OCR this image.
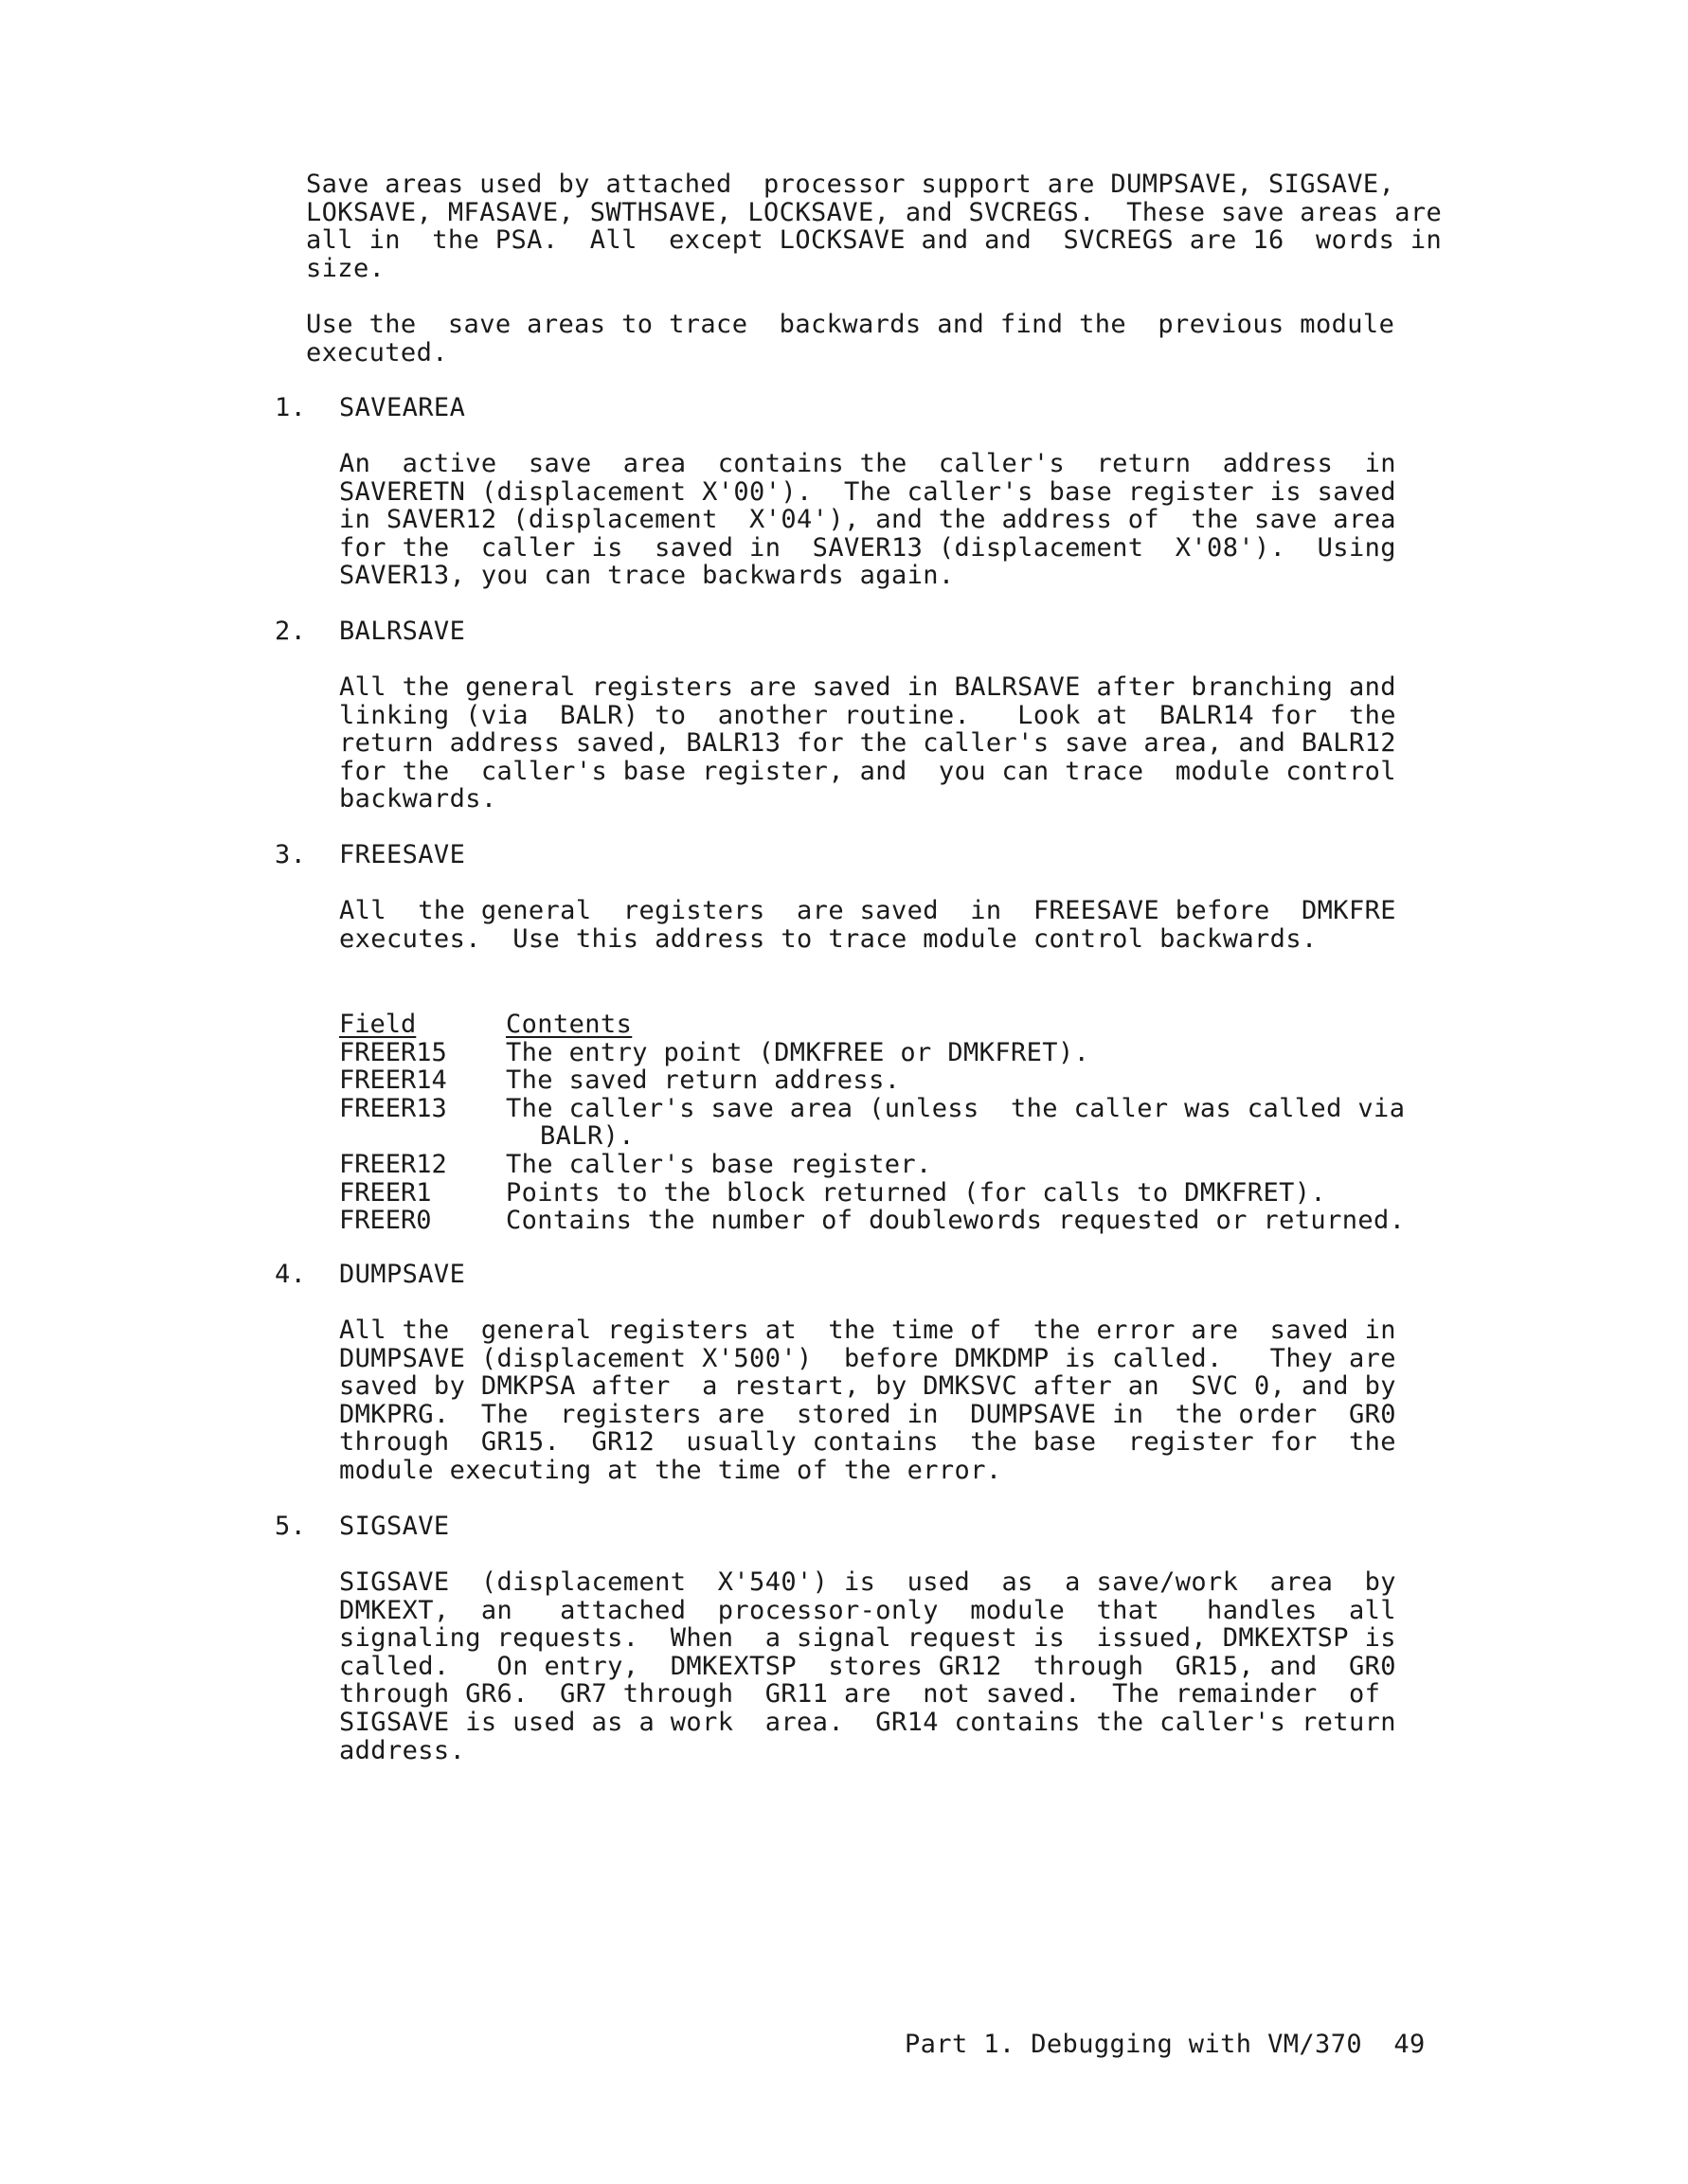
Save areas used by attached  processor support are DUMPSAVE, SIGSAVE,

LOKSAVE, MFASAVE, SWTHSAVE, LOCKSAVE, and SVCREGS.  These save areas are

all in  the PSA.  All  except LOCKSAVE and and  SVCREGS are 16  words in

size.

Use the  save areas to trace  backwards and find the  previous module

executed.

1. SAVEAREA

An  active  save  area  contains the  caller's  return  address  in

SAVERETN (displacement X'00').  The caller's base register is saved

in SAVER12 (displacement  X'04'), and the address of  the save area

for the  caller is  saved in  SAVER13 (displacement  X'08').  Using

SAVER13, you can trace backwards again.

2. BALRSAVE

All the general registers are saved in BALRSAVE after branching and

linking (via  BALR) to  another routine.   Look at  BALR14 for  the

return address saved, BALR13 for the caller's save area, and BALR12

for the  caller's base register, and  you can trace  module control

backwards.

3. FREESAVE

All  the general  registers  are saved  in  FREESAVE before  DMKFRE

executes.  Use this address to trace module control backwards.

Field	Contents
FREER15 The entry point (DMKFREE or DMKFRET).
FREER14 The saved return address.
FREER13 The caller's save area (unless  the caller was called via
BALR).
FREER12 The caller's base register.
FREER1	Points to the block returned (for calls to DMKFRET).
FREER0	Contains the number of doublewords requested or returned.
4. DUMPSAVE

All the  general registers at  the time of  the error are  saved in

DUMPSAVE (displacement X'500')  before DMKDMP is called.   They are

saved by DMKPSA after  a restart, by DMKSVC after an  SVC 0, and by

DMKPRG.  The  registers are  stored in  DUMPSAVE in  the order  GR0

through  GR15.  GR12  usually contains  the base  register for  the

module executing at the time of the error.

5. SIGSAVE

SIGSAVE  (displacement  X'540') is  used  as  a save/work  area  by

DMKEXT,  an   attached  processor-only  module  that   handles  all

signaling requests.  When  a signal request is  issued, DMKEXTSP is

called.   On entry,  DMKEXTSP  stores GR12  through  GR15, and  GR0

through GR6.  GR7 through  GR11 are  not saved.  The remainder  of

SIGSAVE is used as a work  area.  GR14 contains the caller's return

address.

Part 1. Debugging with VM/370  49
